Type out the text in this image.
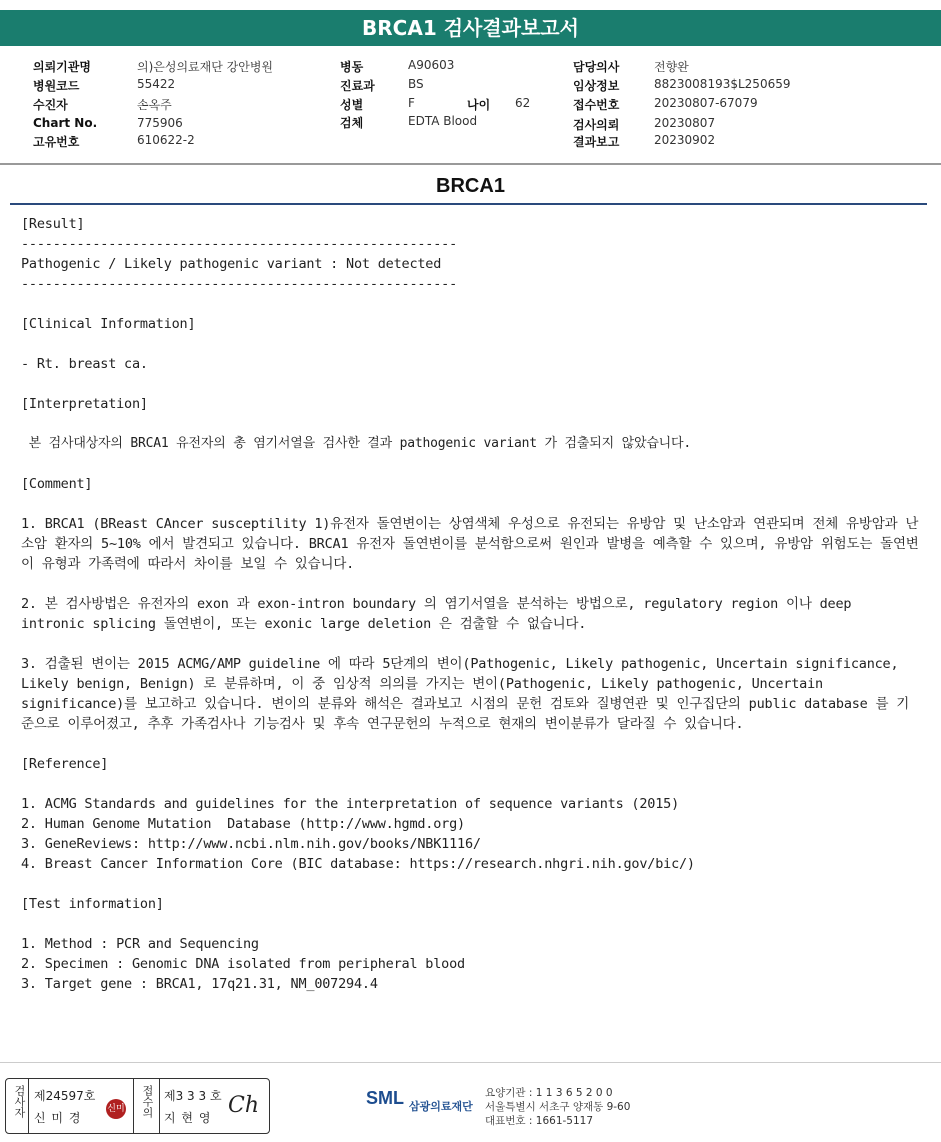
BRCA1 검사결과보고서
의뢰기관명	의)은성의료재단 강안병원
병원코드	55422
수진자	손옥주
Chart No.	775906
고유번호	610622-2
병동	A90603
진료과	BS
성별	F	나이 62
검체	EDTA Blood
담당의사	전향완
임상정보	8823008193$L250659
접수번호	20230807-67079
검사의뢰	20230807
결과보고	20230902
BRCA1

[Result]

-------------------------------------------------------

Pathogenic / Likely pathogenic variant : Not detected

-------------------------------------------------------

[Clinical Information]

- Rt. breast ca.

[Interpretation]

본 검사대상자의 BRCA1 유전자의 총 염기서열을 검사한 결과 pathogenic variant 가 검출되지 않았습니다.

[Comment]

1. BRCA1 (BReast CAncer susceptility 1)유전자 돌연변이는 상염색체 우성으로 유전되는 유방암 및 난소암과 연관되며 전체 유방암과 난소암 환자의 5~10% 에서 발견되고 있습니다. BRCA1 유전자 돌연변이를 분석함으로써 원인과 발병을 예측할 수 있으며, 유방암 위험도는 돌연변이 유형과 가족력에 따라서 차이를 보일 수 있습니다.

2. 본 검사방법은 유전자의 exon 과 exon-intron boundary 의 염기서열을 분석하는 방법으로, regulatory region 이나 deep intronic splicing 돌연변이, 또는 exonic large deletion 은 검출할 수 없습니다.

3. 검출된 변이는 2015 ACMG/AMP guideline 에 따라 5단계의 변이(Pathogenic, Likely pathogenic, Uncertain significance, Likely benign, Benign) 로 분류하며, 이 중 임상적 의의를 가지는 변이(Pathogenic, Likely pathogenic, Uncertain significance)를 보고하고 있습니다. 변이의 분류와 해석은 결과보고 시점의 문헌 검토와 질병연관 및 인구집단의 public database 를 기준으로 이루어졌고, 추후 가족검사나 기능검사 및 후속 연구문헌의 누적으로 현재의 변이분류가 달라질 수 있습니다.

[Reference]

1. ACMG Standards and guidelines for the interpretation of sequence variants (2015)

2. Human Genome Mutation  Database (http://www.hgmd.org)

3. GeneReviews: http://www.ncbi.nlm.nih.gov/books/NBK1116/

4. Breast Cancer Information Core (BIC database: https://research.nhgri.nih.gov/bic/)

[Test information]

1. Method : PCR and Sequencing

2. Specimen : Genomic DNA isolated from peripheral blood

3. Target gene : BRCA1, 17q21.31, NM_007294.4

검사자 제24597호
신 미 경
신미	접수의 제3 3 3 호
지 현 영 Ch	SML 삼광의료재단
요양기관 : 1 1 3 6 5 2 0 0
서울특별시 서초구 양재동 9-60
대표번호 : 1661-5117
